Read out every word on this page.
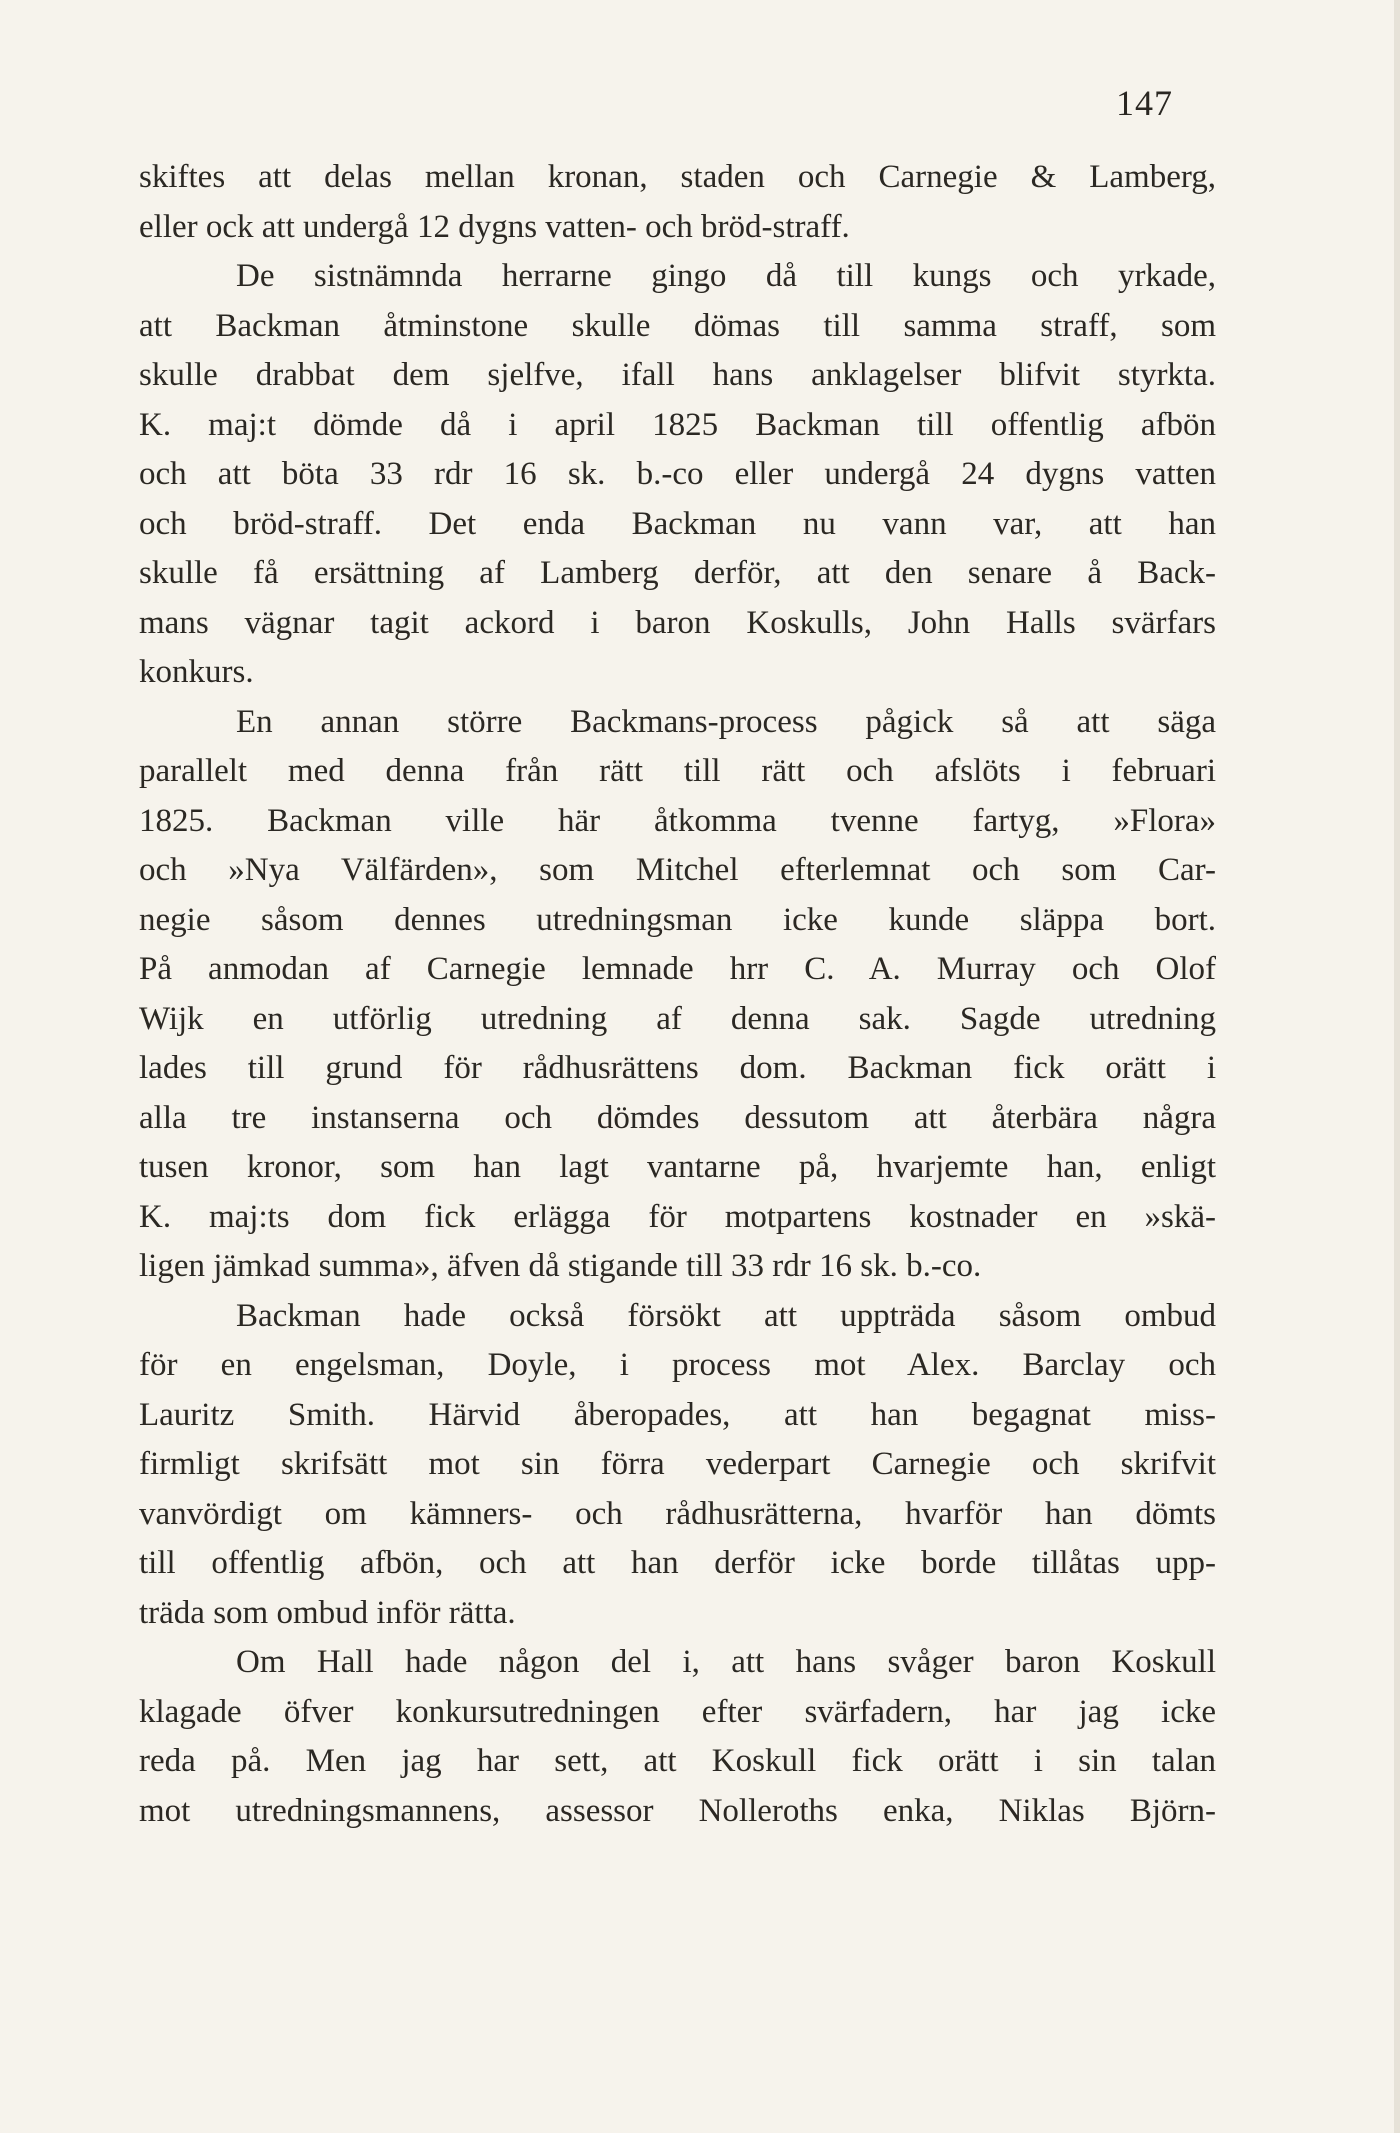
147
skiftes att delas mellan kronan, staden och Carnegie & Lamberg,
eller ock att undergå 12 dygns vatten- och bröd-straff.
De sistnämnda herrarne gingo då till kungs och yrkade,
att Backman åtminstone skulle dömas till samma straff, som
skulle drabbat dem sjelfve, ifall hans anklagelser blifvit styrkta.
K. maj:t dömde då i april 1825 Backman till offentlig afbön
och att böta 33 rdr 16 sk. b.-co eller undergå 24 dygns vatten
och bröd-straff. Det enda Backman nu vann var, att han
skulle få ersättning af Lamberg derför, att den senare å Back-
mans vägnar tagit ackord i baron Koskulls, John Halls svärfars
konkurs.
En annan större Backmans-process pågick så att säga
parallelt med denna från rätt till rätt och afslöts i februari
1825. Backman ville här åtkomma tvenne fartyg, »Flora»
och »Nya Välfärden», som Mitchel efterlemnat och som Car-
negie såsom dennes utredningsman icke kunde släppa bort.
På anmodan af Carnegie lemnade hrr C. A. Murray och Olof
Wijk en utförlig utredning af denna sak. Sagde utredning
lades till grund för rådhusrättens dom. Backman fick orätt i
alla tre instanserna och dömdes dessutom att återbära några
tusen kronor, som han lagt vantarne på, hvarjemte han, enligt
K. maj:ts dom fick erlägga för motpartens kostnader en »skä-
ligen jämkad summa», äfven då stigande till 33 rdr 16 sk. b.-co.
Backman hade också försökt att uppträda såsom ombud
för en engelsman, Doyle, i process mot Alex. Barclay och
Lauritz Smith. Härvid åberopades, att han begagnat miss-
firmligt skrifsätt mot sin förra vederpart Carnegie och skrifvit
vanvördigt om kämners- och rådhusrätterna, hvarför han dömts
till offentlig afbön, och att han derför icke borde tillåtas upp-
träda som ombud inför rätta.
Om Hall hade någon del i, att hans svåger baron Koskull
klagade öfver konkursutredningen efter svärfadern, har jag icke
reda på. Men jag har sett, att Koskull fick orätt i sin talan
mot utredningsmannens, assessor Nolleroths enka, Niklas Björn-
